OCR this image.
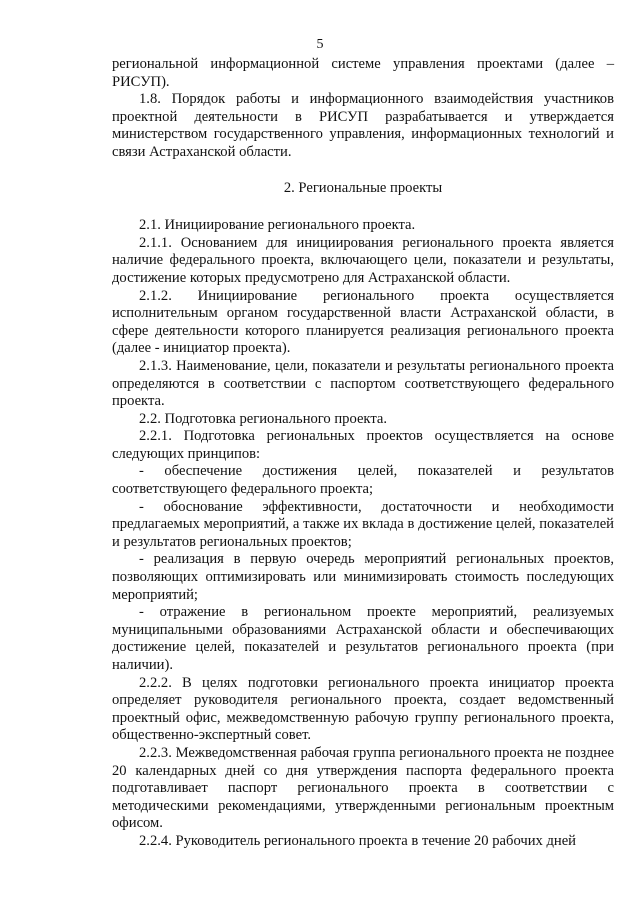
5

региональной информационной системе управления проектами (далее – РИСУП).

1.8. Порядок работы и информационного взаимодействия участников проектной деятельности в РИСУП разрабатывается и утверждается министерством государственного управления, информационных технологий и связи Астраханской области.

2. Региональные проекты

2.1. Инициирование регионального проекта.

2.1.1. Основанием для инициирования регионального проекта является наличие федерального проекта, включающего цели, показатели и результаты, достижение которых предусмотрено для Астраханской области.

2.1.2. Инициирование регионального проекта осуществляется исполнительным органом государственной власти Астраханской области, в сфере деятельности которого планируется реализация регионального проекта (далее - инициатор проекта).

2.1.3. Наименование, цели, показатели и результаты регионального проекта определяются в соответствии с паспортом соответствующего федерального проекта.

2.2. Подготовка регионального проекта.

2.2.1. Подготовка региональных проектов осуществляется на основе следующих принципов:

- обеспечение достижения целей, показателей и результатов соответствующего федерального проекта;

- обоснование эффективности, достаточности и необходимости предлагаемых мероприятий, а также их вклада в достижение целей, показателей и результатов региональных проектов;

- реализация в первую очередь мероприятий региональных проектов, позволяющих оптимизировать или минимизировать стоимость последующих мероприятий;

- отражение в региональном проекте мероприятий, реализуемых муниципальными образованиями Астраханской области и обеспечивающих достижение целей, показателей и результатов регионального проекта (при наличии).

2.2.2. В целях подготовки регионального проекта инициатор проекта определяет руководителя регионального проекта, создает ведомственный проектный офис, межведомственную рабочую группу регионального проекта, общественно-экспертный совет.

2.2.3. Межведомственная рабочая группа регионального проекта не позднее 20 календарных дней со дня утверждения паспорта федерального проекта подготавливает паспорт регионального проекта в соответствии с методическими рекомендациями, утвержденными региональным проектным офисом.

2.2.4. Руководитель регионального проекта в течение 20 рабочих дней
